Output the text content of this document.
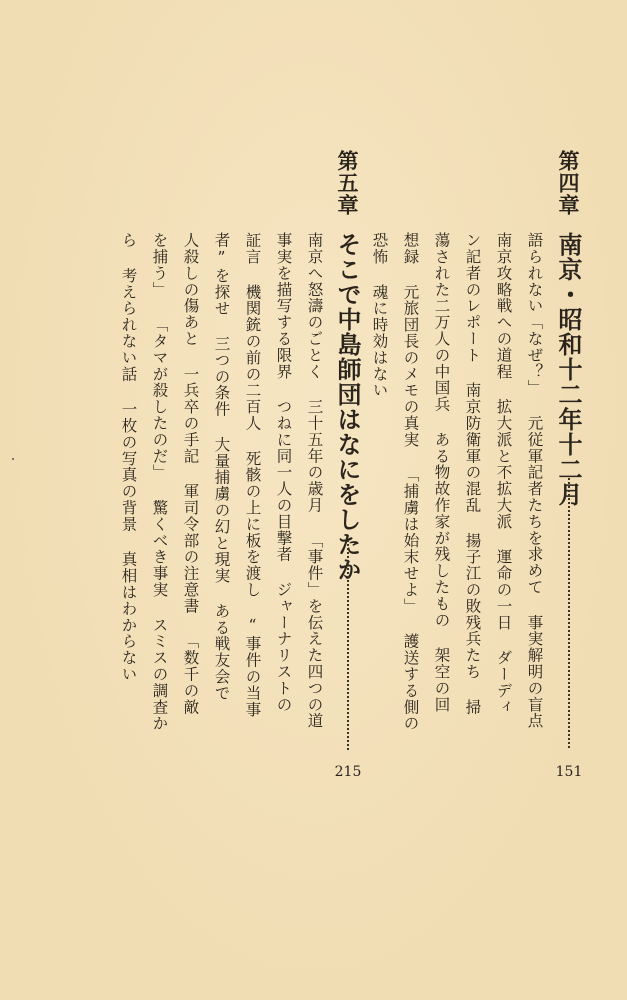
第四章
南京・昭和十二年十二月
151
語られない「なぜ？」 元従軍記者たちを求めて 事実解明の盲点
南京攻略戦への道程 拡大派と不拡大派 運命の一日 ダーディ
ン記者のレポート 南京防衛軍の混乱 揚子江の敗残兵たち 掃
蕩された二万人の中国兵 ある物故作家が残したもの 架空の回
想録 元旅団長のメモの真実 「捕虜は始末せよ」 護送する側の
恐怖 魂に時効はない
第五章
そこで中島師団はなにをしたか
215
南京へ怒濤のごとく 三十五年の歳月 「事件」を伝えた四つの道
事実を描写する限界 つねに同一人の目撃者 ジャーナリストの
証言 機関銃の前の二百人 死骸の上に板を渡し “事件の当事
者”を探せ 三つの条件 大量捕虜の幻と現実 ある戦友会で
人殺しの傷あと 一兵卒の手記 軍司令部の注意書 「数千の敵
を捕う」 「タマが殺したのだ」 驚くべき事実 スミスの調査か
ら 考えられない話 一枚の写真の背景 真相はわからない
